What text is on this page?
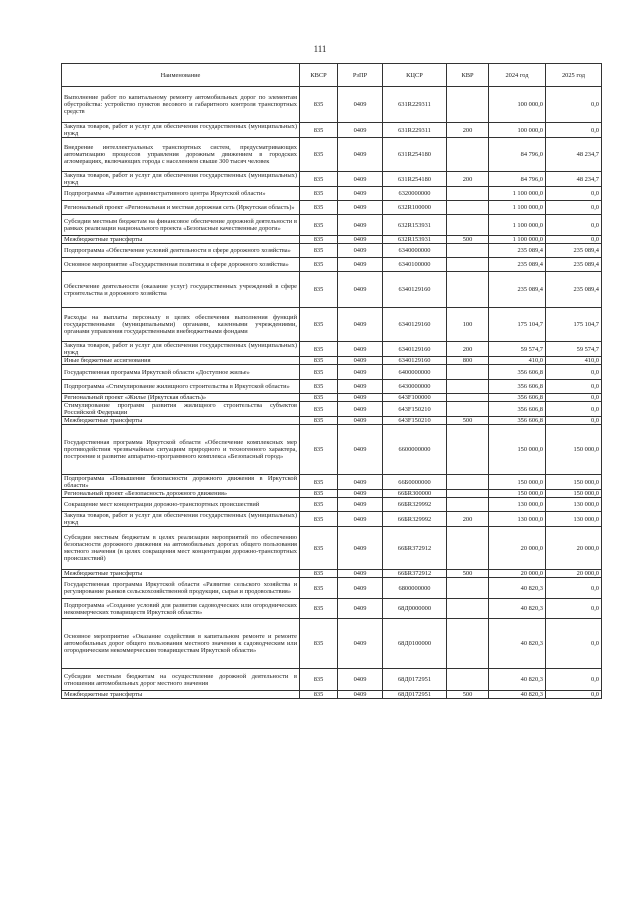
111
Наименование	КВСР	РзПР	КЦСР	КВР	2024 год	2025 год
Выполнение работ по капитальному ремонту автомобильных дорог по элементам обустройства: устройство пунктов весового и габаритного контроля транспортных средств	835	0409	631R229311		100 000,0	0,0
Закупка товаров, работ и услуг для обеспечения государственных (муниципальных) нужд	835	0409	631R229311	200	100 000,0	0,0
Внедрение интеллектуальных транспортных систем, предусматривающих автоматизацию процессов управления дорожным движением в городских агломерациях, включающих города с населением свыше 300 тысяч человек	835	0409	631R254180		84 796,0	48 234,7
Закупка товаров, работ и услуг для обеспечения государственных (муниципальных) нужд	835	0409	631R254180	200	84 796,0	48 234,7
Подпрограмма «Развитие административного центра Иркутской области»	835	0409	6320000000		1 100 000,0	0,0
Региональный проект «Региональная и местная дорожная сеть (Иркутская область)»	835	0409	632R100000		1 100 000,0	0,0
Субсидии местным бюджетам на финансовое обеспечение дорожной деятельности в рамках реализации национального проекта «Безопасные качественные дороги»	835	0409	632R153931		1 100 000,0	0,0
Межбюджетные трансферты	835	0409	632R153931	500	1 100 000,0	0,0
Подпрограмма «Обеспечение условий деятельности в сфере дорожного хозяйства»	835	0409	6340000000		235 089,4	235 089,4
Основное мероприятие «Государственная политика в сфере дорожного хозяйства»	835	0409	6340100000		235 089,4	235 089,4
Обеспечение деятельности (оказание услуг) государственных учреждений в сфере строительства и дорожного хозяйства	835	0409	6340129160		235 089,4	235 089,4
Расходы на выплаты персоналу в целях обеспечения выполнения функций государственными (муниципальными) органами, казенными учреждениями, органами управления государственными внебюджетными фондами	835	0409	6340129160	100	175 104,7	175 104,7
Закупка товаров, работ и услуг для обеспечения государственных (муниципальных) нужд	835	0409	6340129160	200	59 574,7	59 574,7
Иные бюджетные ассигнования	835	0409	6340129160	800	410,0	410,0
Государственная программа Иркутской области «Доступное жилье»	835	0409	6400000000		356 606,8	0,0
Подпрограмма «Стимулирование жилищного строительства в Иркутской области»	835	0409	6430000000		356 606,8	0,0
Региональный проект «Жилье (Иркутская область)»	835	0409	643F100000		356 606,8	0,0
Стимулирование программ развития жилищного строительства субъектов Российской Федерации	835	0409	643F150210		356 606,8	0,0
Межбюджетные трансферты	835	0409	643F150210	500	356 606,8	0,0
Государственная программа Иркутской области «Обеспечение комплексных мер противодействия чрезвычайным ситуациям природного и техногенного характера, построение и развитие аппаратно-программного комплекса «Безопасный город»	835	0409	6600000000		150 000,0	150 000,0
Подпрограмма «Повышение безопасности дорожного движения в Иркутской области»	835	0409	66Б0000000		150 000,0	150 000,0
Региональный проект «Безопасность дорожного движения»	835	0409	66БR300000		150 000,0	150 000,0
Сокращение мест концентрации дорожно-транспортных происшествий	835	0409	66БR329992		130 000,0	130 000,0
Закупка товаров, работ и услуг для обеспечения государственных (муниципальных) нужд	835	0409	66БR329992	200	130 000,0	130 000,0
Субсидии местным бюджетам в целях реализации мероприятий по обеспечению безопасности дорожного движения на автомобильных дорогах общего пользования местного значения (в целях сокращения мест концентрации дорожно-транспортных происшествий)	835	0409	66БR372912		20 000,0	20 000,0
Межбюджетные трансферты	835	0409	66БR372912	500	20 000,0	20 000,0
Государственная программа Иркутской области «Развитие сельского хозяйства и регулирование рынков сельскохозяйственной продукции, сырья и продовольствия»	835	0409	6800000000		40 820,3	0,0
Подпрограмма «Создание условий для развития садоводческих или огороднических некоммерческих товариществ Иркутской области»	835	0409	68Д0000000		40 820,3	0,0
Основное мероприятие «Оказание содействия в капитальном ремонте и ремонте автомобильных дорог общего пользования местного значения к садоводческим или огородническим некоммерческим товариществам Иркутской области»	835	0409	68Д0100000		40 820,3	0,0
Субсидии местным бюджетам на осуществление дорожной деятельности в отношении автомобильных дорог местного значения	835	0409	68Д0172951		40 820,3	0,0
Межбюджетные трансферты	835	0409	68Д0172951	500	40 820,3	0,0
